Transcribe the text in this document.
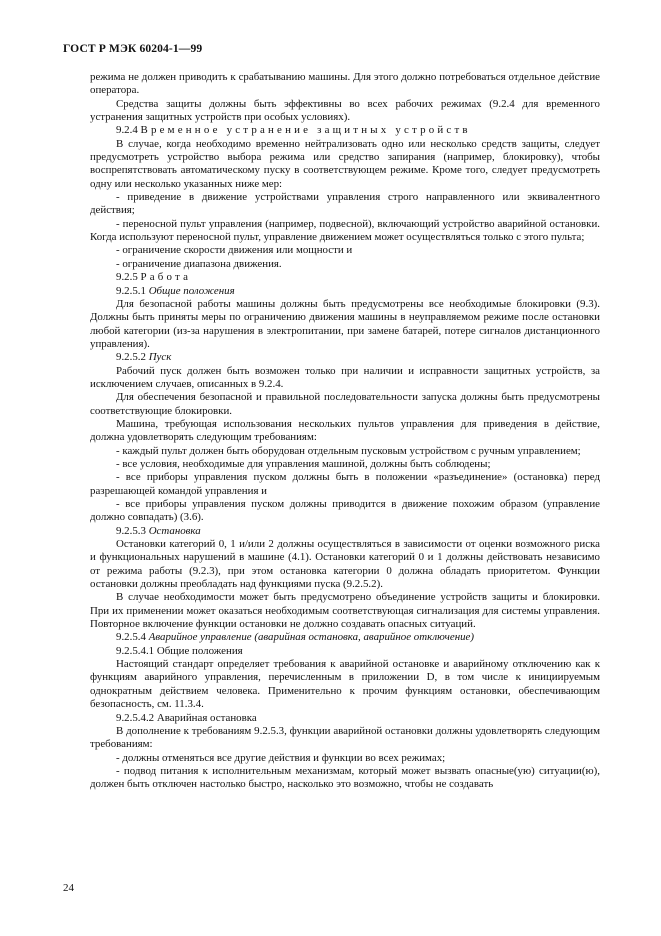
ГОСТ Р МЭК 60204-1—99

режима не должен приводить к срабатыванию машины. Для этого должно потребоваться отдельное действие оператора.

Средства защиты должны быть эффективны во всех рабочих режимах (9.2.4 для временного устранения защитных устройств при особых условиях).

9.2.4 Временное устранение защитных устройств

В случае, когда необходимо временно нейтрализовать одно или несколько средств защиты, следует предусмотреть устройство выбора режима или средство запирания (например, блокировку), чтобы воспрепятствовать автоматическому пуску в соответствующем режиме. Кроме того, следует предусмотреть одну или несколько указанных ниже мер:

- приведение в движение устройствами управления строго направленного или эквивалентного действия;

- переносной пульт управления (например, подвесной), включающий устройство аварийной остановки. Когда используют переносной пульт, управление движением может осуществляться только с этого пульта;

- ограничение скорости движения или мощности и

- ограничение диапазона движения.

9.2.5 Работа

9.2.5.1 Общие положения

Для безопасной работы машины должны быть предусмотрены все необходимые блокировки (9.3). Должны быть приняты меры по ограничению движения машины в неуправляемом режиме после остановки любой категории (из-за нарушения в электропитании, при замене батарей, потере сигналов дистанционного управления).

9.2.5.2 Пуск

Рабочий пуск должен быть возможен только при наличии и исправности защитных устройств, за исключением случаев, описанных в 9.2.4.

Для обеспечения безопасной и правильной последовательности запуска должны быть предусмотрены соответствующие блокировки.

Машина, требующая использования нескольких пультов управления для приведения в действие, должна удовлетворять следующим требованиям:

- каждый пульт должен быть оборудован отдельным пусковым устройством с ручным управлением;

- все условия, необходимые для управления машиной, должны быть соблюдены;

- все приборы управления пуском должны быть в положении «разъединение» (остановка) перед разрешающей командой управления и

- все приборы управления пуском должны приводится в движение похожим образом (управление должно совпадать) (3.6).

9.2.5.3 Остановка

Остановки категорий 0, 1 и/или 2 должны осуществляться в зависимости от оценки возможного риска и функциональных нарушений в машине (4.1). Остановки категорий 0 и 1 должны действовать независимо от режима работы (9.2.3), при этом остановка категории 0 должна обладать приоритетом. Функции остановки должны преобладать над функциями пуска (9.2.5.2).

В случае необходимости может быть предусмотрено объединение устройств защиты и блокировки. При их применении может оказаться необходимым соответствующая сигнализация для системы управления. Повторное включение функции остановки не должно создавать опасных ситуаций.

9.2.5.4 Аварийное управление (аварийная остановка, аварийное отключение)

9.2.5.4.1 Общие положения

Настоящий стандарт определяет требования к аварийной остановке и аварийному отключению как к функциям аварийного управления, перечисленным в приложении D, в том числе к инициируемым однократным действием человека. Применительно к прочим функциям остановки, обеспечивающим безопасность, см. 11.3.4.

9.2.5.4.2 Аварийная остановка

В дополнение к требованиям 9.2.5.3, функции аварийной остановки должны удовлетворять следующим требованиям:

- должны отменяться все другие действия и функции во всех режимах;

- подвод питания к исполнительным механизмам, который может вызвать опасные(ую) ситуации(ю), должен быть отключен настолько быстро, насколько это возможно, чтобы не создавать

24
